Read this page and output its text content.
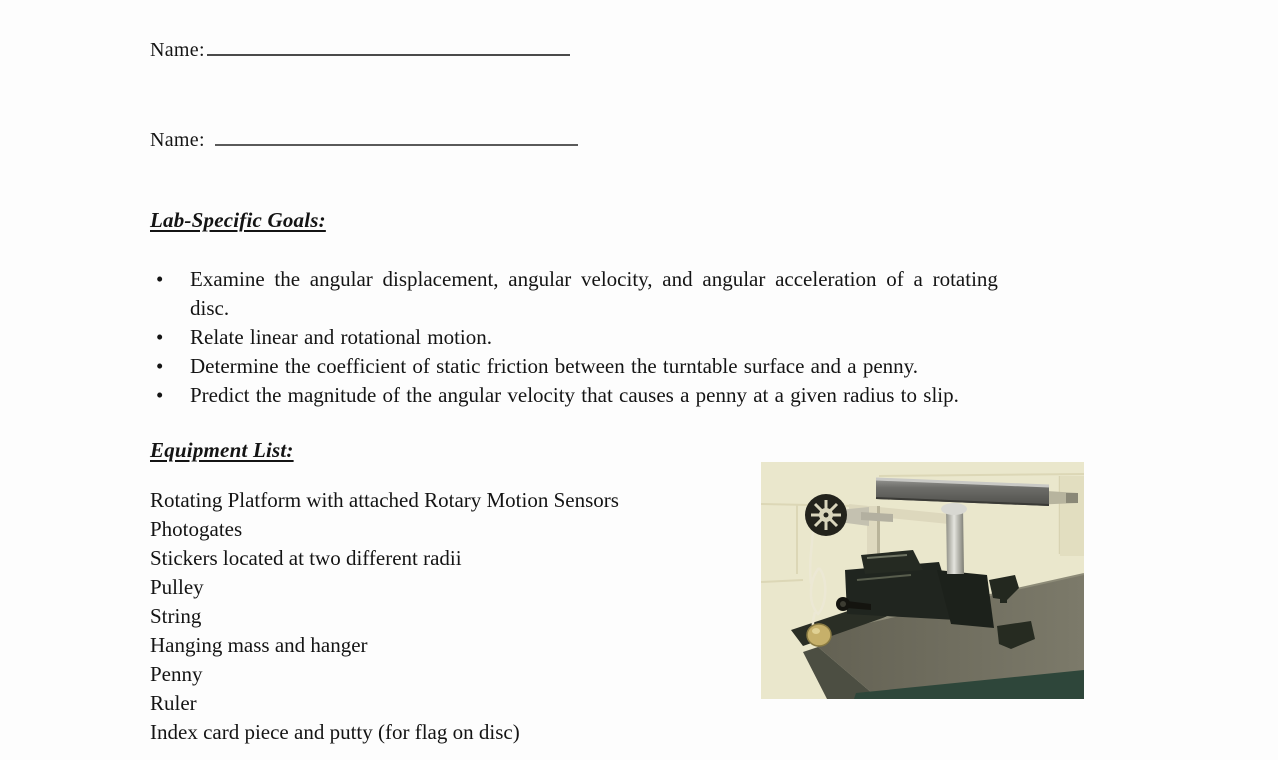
Name:
Name:
Lab-Specific Goals:
• Examine the angular displacement, angular velocity, and angular acceleration of a rotating
disc.
• Relate linear and rotational motion.
• Determine the coefficient of static friction between the turntable surface and a penny.
• Predict the magnitude of the angular velocity that causes a penny at a given radius to slip.
Equipment List:
Rotating Platform with attached Rotary Motion Sensors
Photogates
Stickers located at two different radii
Pulley
String
Hanging mass and hanger
Penny
Ruler
Index card piece and putty (for flag on disc)
